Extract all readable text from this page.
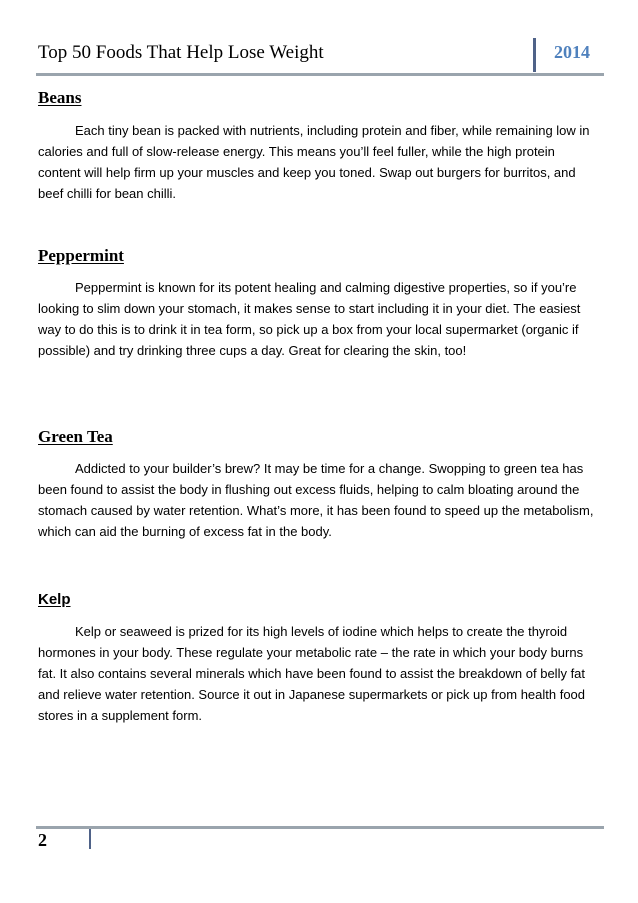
Top 50 Foods That Help Lose Weight	2014

Beans

Each tiny bean is packed with nutrients, including protein and fiber, while remaining low in calories and full of slow-release energy. This means you’ll feel fuller, while the high protein content will help firm up your muscles and keep you toned. Swap out burgers for burritos, and beef chilli for bean chilli.

Peppermint

Peppermint is known for its potent healing and calming digestive properties, so if you’re looking to slim down your stomach, it makes sense to start including it in your diet. The easiest way to do this is to drink it in tea form, so pick up a box from your local supermarket (organic if possible) and try drinking three cups a day. Great for clearing the skin, too!

Green Tea

Addicted to your builder’s brew? It may be time for a change. Swopping to green tea has been found to assist the body in flushing out excess fluids, helping to calm bloating around the stomach caused by water retention. What’s more, it has been found to speed up the metabolism, which can aid the burning of excess fat in the body.

Kelp

Kelp or seaweed is prized for its high levels of iodine which helps to create the thyroid hormones in your body. These regulate your metabolic rate – the rate in which your body burns fat. It also contains several minerals which have been found to assist the breakdown of belly fat and relieve water retention. Source it out in Japanese supermarkets or pick up from health food stores in a supplement form.

2
